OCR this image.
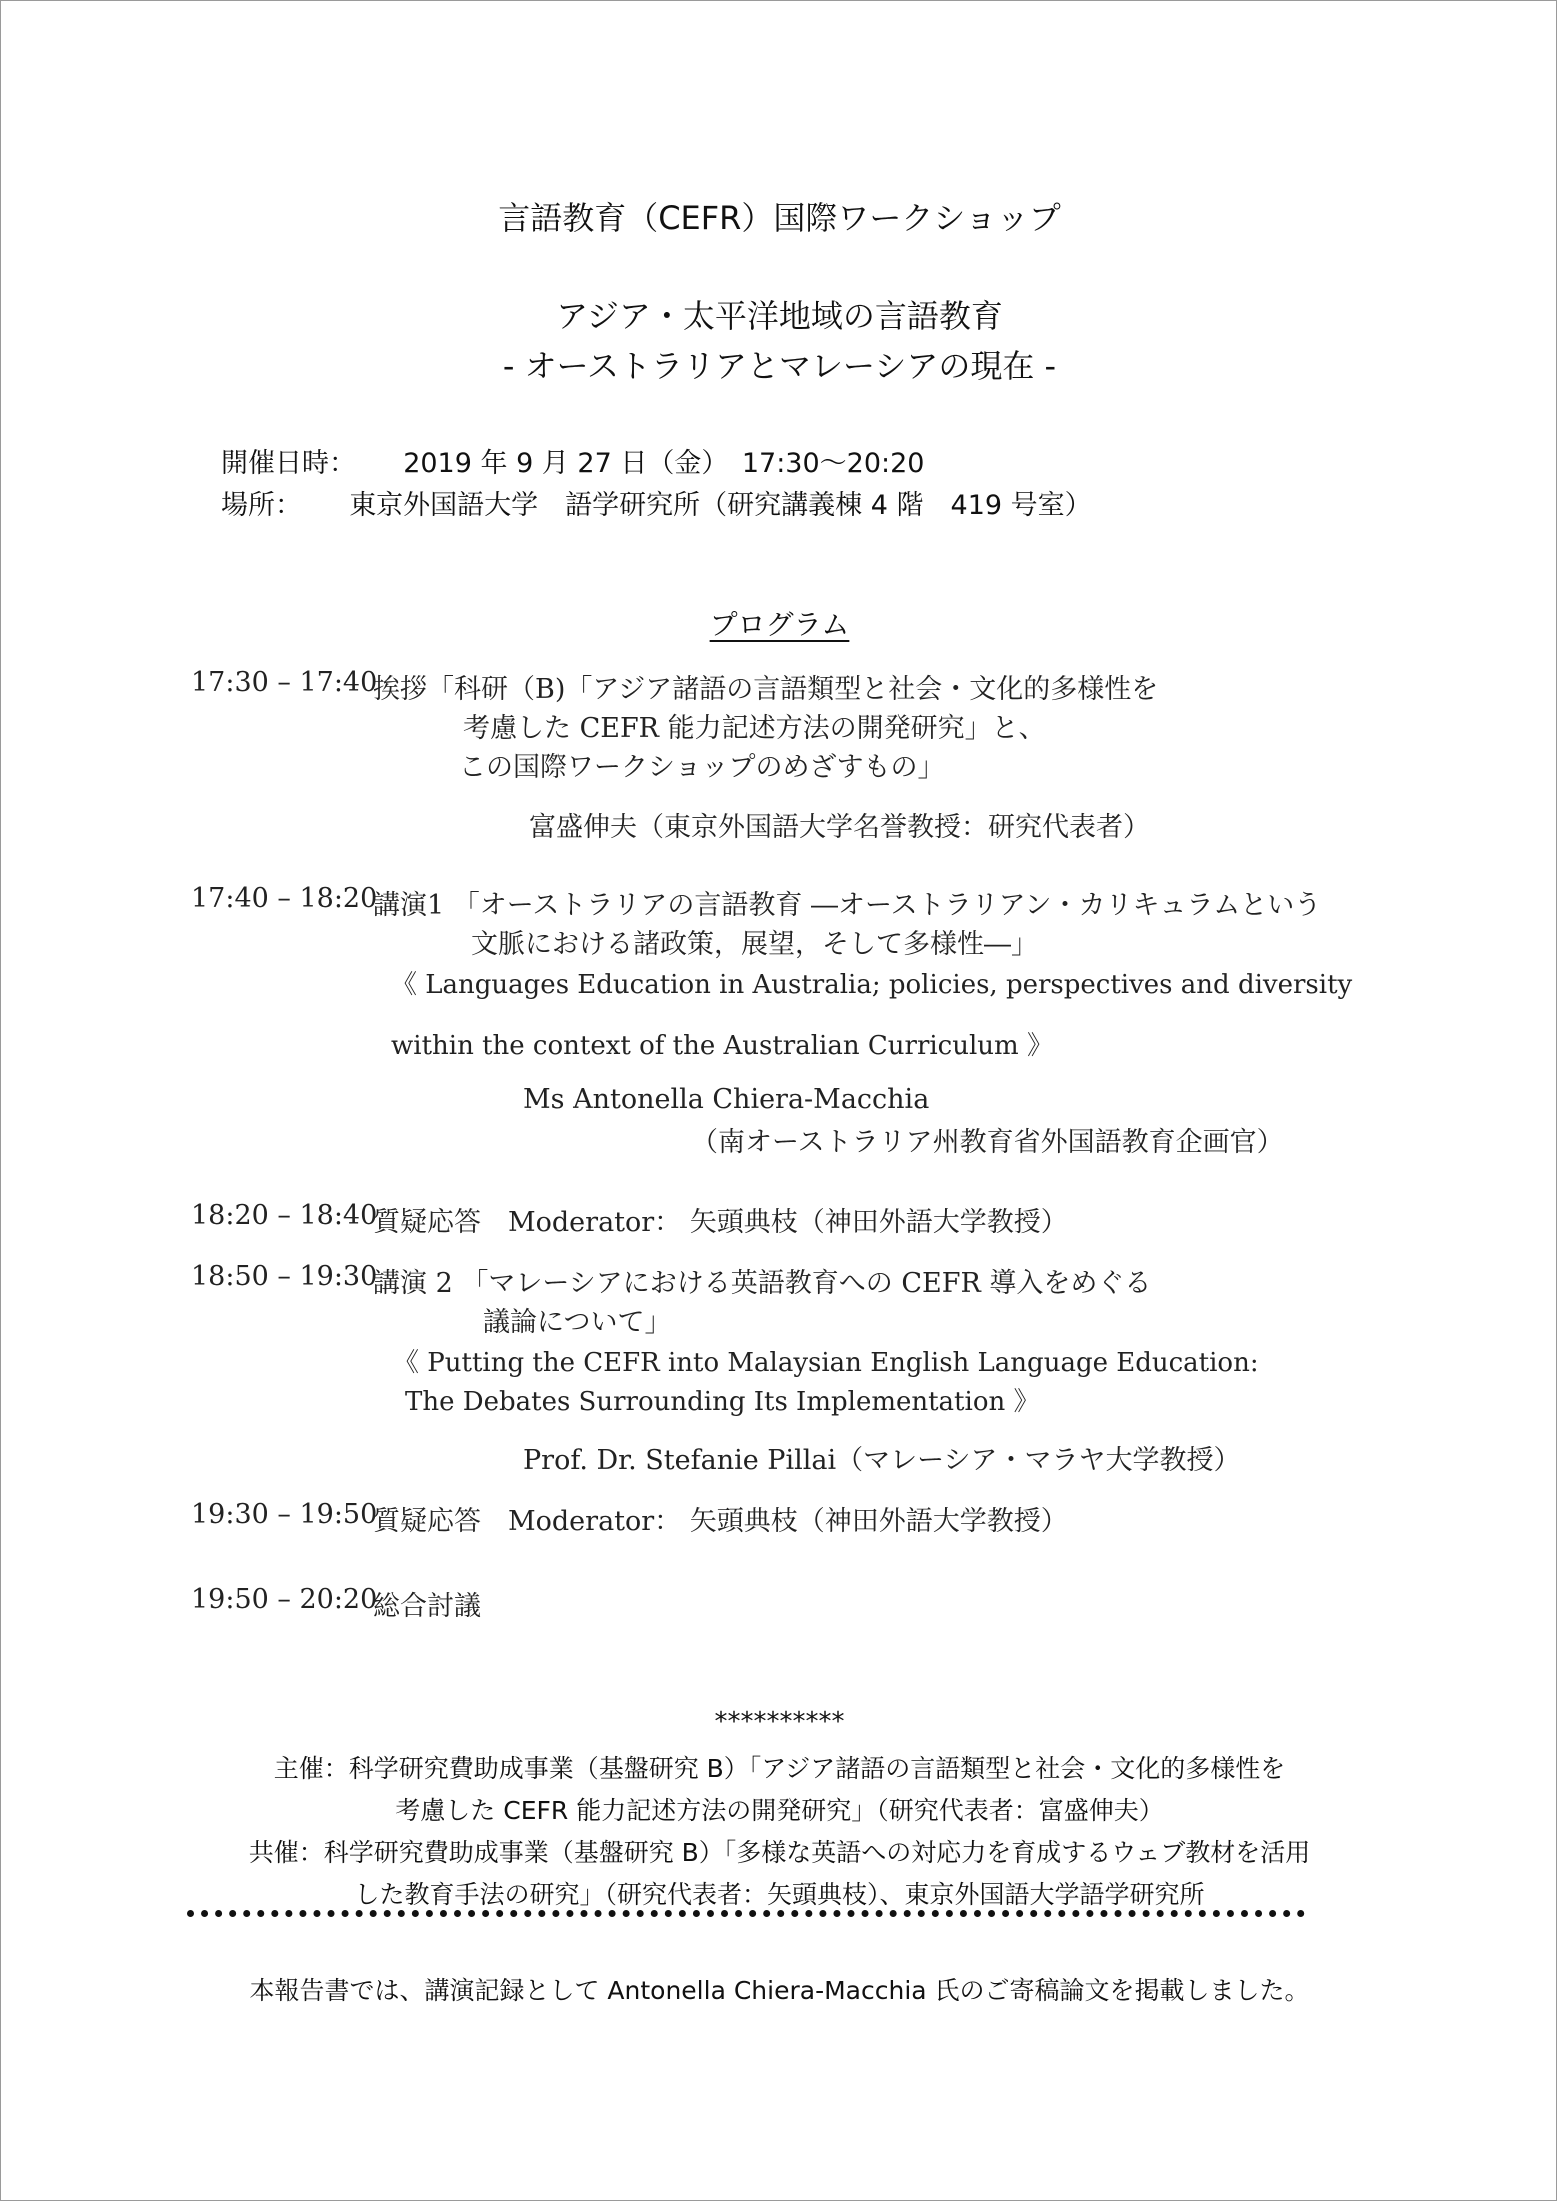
言語教育（CEFR）国際ワークショップ
アジア・太平洋地域の言語教育
- オーストラリアとマレーシアの現在 -
開催日時： 2019 年 9 月 27 日（金）　17:30～20:20
場所： 東京外国語大学　語学研究所（研究講義棟 4 階　419 号室）
プログラム
17:30 – 17:40
挨拶「科研（B)「アジア諸語の言語類型と社会・文化的多様性を
考慮した CEFR 能力記述方法の開発研究」と、
この国際ワークショップのめざすもの」
富盛伸夫（東京外国語大学名誉教授：研究代表者）
17:40 – 18:20
講演1 「オーストラリアの言語教育 ―オーストラリアン・カリキュラムという
文脈における諸政策，展望，そして多様性―」
《 Languages Education in Australia; policies, perspectives and diversity
within the context of the Australian Curriculum 》
Ms Antonella Chiera-Macchia
（南オーストラリア州教育省外国語教育企画官）
18:20 – 18:40
質疑応答　Moderator： 矢頭典枝（神田外語大学教授）
18:50 – 19:30
講演 2 「マレーシアにおける英語教育への CEFR 導入をめぐる
議論について」
《 Putting the CEFR into Malaysian English Language Education:
The Debates Surrounding Its Implementation 》
Prof. Dr. Stefanie Pillai（マレーシア・マラヤ大学教授）
19:30 – 19:50
質疑応答　Moderator： 矢頭典枝（神田外語大学教授）
19:50 – 20:20
総合討議
**********
主催：科学研究費助成事業（基盤研究 B）「アジア諸語の言語類型と社会・文化的多様性を
考慮した CEFR 能力記述方法の開発研究」（研究代表者：富盛伸夫）
共催：科学研究費助成事業（基盤研究 B）「多様な英語への対応力を育成するウェブ教材を活用
した教育手法の研究」（研究代表者：矢頭典枝）、東京外国語大学語学研究所
本報告書では、講演記録として Antonella Chiera-Macchia 氏のご寄稿論文を掲載しました。
